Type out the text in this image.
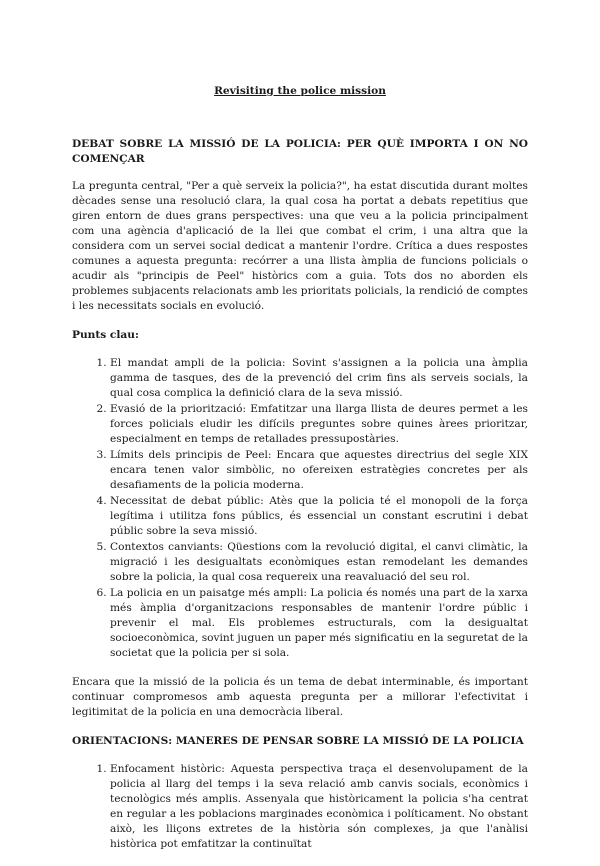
Revisiting the police mission
DEBAT SOBRE LA MISSIÓ DE LA POLICIA: PER QUÈ IMPORTA I ON NO COMENÇAR

La pregunta central, "Per a què serveix la policia?", ha estat discutida durant moltes dècades sense una resolució clara, la qual cosa ha portat a debats repetitius que giren entorn de dues grans perspectives: una que veu a la policia principalment com una agència d'aplicació de la llei que combat el crim, i una altra que la considera com un servei social dedicat a mantenir l'ordre. Crítica a dues respostes comunes a aquesta pregunta: recórrer a una llista àmplia de funcions policials o acudir als "principis de Peel" històrics com a guia. Tots dos no aborden els problemes subjacents relacionats amb les prioritats policials, la rendició de comptes i les necessitats socials en evolució.

Punts clau:
1. El mandat ampli de la policia: Sovint s'assignen a la policia una àmplia gamma de tasques, des de la prevenció del crim fins als serveis socials, la qual cosa complica la definició clara de la seva missió.
2. Evasió de la priorització: Emfatitzar una llarga llista de deures permet a les forces policials eludir les difícils preguntes sobre quines àrees prioritzar, especialment en temps de retallades pressupostàries.
3. Límits dels principis de Peel: Encara que aquestes directrius del segle XIX encara tenen valor simbòlic, no ofereixen estratègies concretes per als desafiaments de la policia moderna.
4. Necessitat de debat públic: Atès que la policia té el monopoli de la força legítima i utilitza fons públics, és essencial un constant escrutini i debat públic sobre la seva missió.
5. Contextos canviants: Qüestions com la revolució digital, el canvi climàtic, la migració i les desigualtats econòmiques estan remodelant les demandes sobre la policia, la qual cosa requereix una reavaluació del seu rol.
6. La policia en un paisatge més ampli: La policia és només una part de la xarxa més àmplia d'organitzacions responsables de mantenir l'ordre públic i prevenir el mal. Els problemes estructurals, com la desigualtat socioeconòmica, sovint juguen un paper més significatiu en la seguretat de la societat que la policia per si sola.

Encara que la missió de la policia és un tema de debat interminable, és important continuar compromesos amb aquesta pregunta per a millorar l'efectivitat i legitimitat de la policia en una democràcia liberal.

ORIENTACIONS: MANERES DE PENSAR SOBRE LA MISSIÓ DE LA POLICIA
1. Enfocament històric: Aquesta perspectiva traça el desenvolupament de la policia al llarg del temps i la seva relació amb canvis socials, econòmics i tecnològics més amplis. Assenyala que històricament la policia s'ha centrat en regular a les poblacions marginades econòmica i políticament. No obstant això, les lliçons extretes de la història són complexes, ja que l'anàlisi històrica pot emfatitzar la continuïtat
